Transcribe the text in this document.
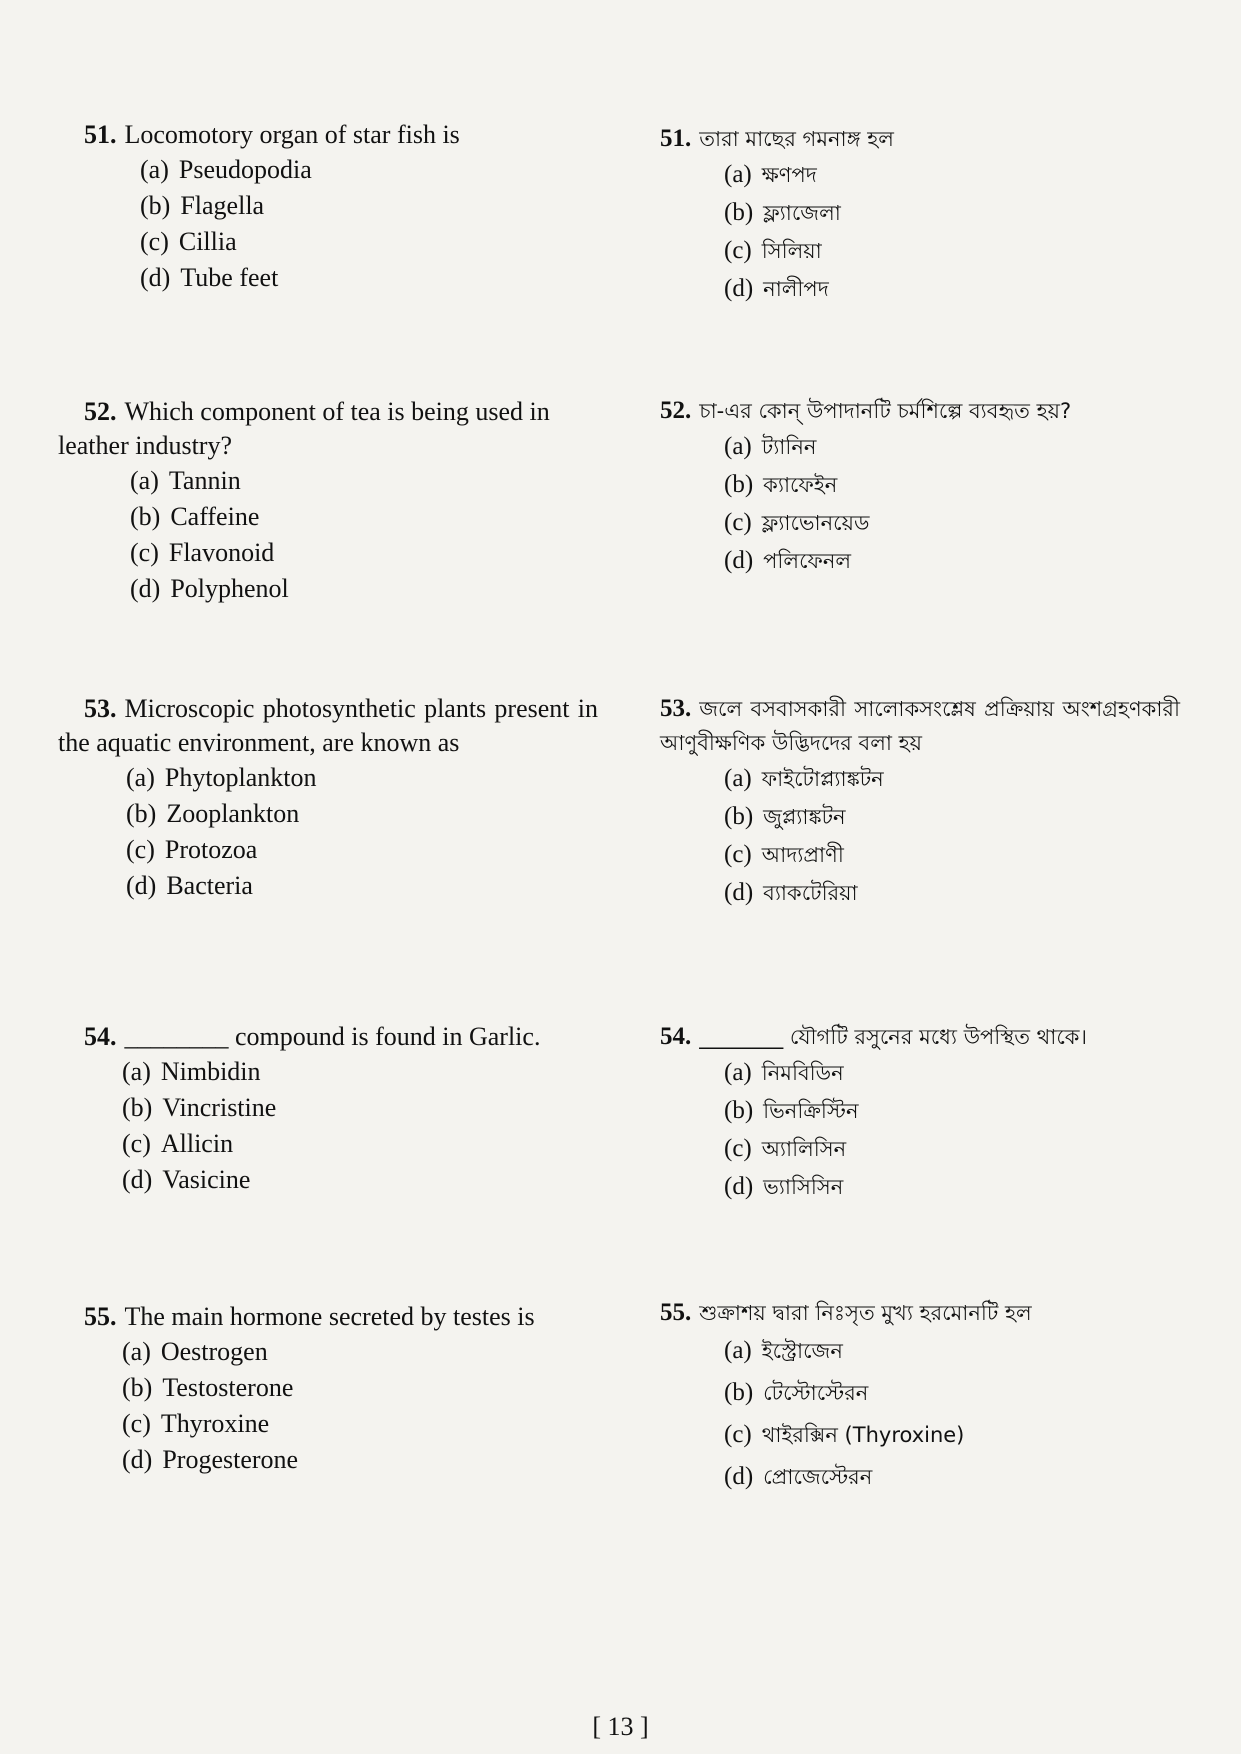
51. Locomotory organ of star fish is
(a) Pseudopodia
(b) Flagella
(c) Cillia
(d) Tube feet
52. Which component of tea is being used in leather industry?
(a) Tannin
(b) Caffeine
(c) Flavonoid
(d) Polyphenol
53. Microscopic photosynthetic plants present in the aquatic environment, are known as
(a) Phytoplankton
(b) Zooplankton
(c) Protozoa
(d) Bacteria
54. ________ compound is found in Garlic.
(a) Nimbidin
(b) Vincristine
(c) Allicin
(d) Vasicine
55. The main hormone secreted by testes is
(a) Oestrogen
(b) Testosterone
(c) Thyroxine
(d) Progesterone
51. তারা মাছের গমনাঙ্গ হল
(a) ক্ষণপদ
(b) ফ্ল্যাজেলা
(c) সিলিয়া
(d) নালীপদ
52. চা-এর কোন্ উপাদানটি চর্মশিল্পে ব্যবহৃত হয়?
(a) ট্যানিন
(b) ক্যাফেইন
(c) ফ্ল্যাভোনয়েড
(d) পলিফেনল
53. জলে বসবাসকারী সালোকসংশ্লেষ প্রক্রিয়ায় অংশগ্রহণকারী আণুবীক্ষণিক উদ্ভিদদের বলা হয়
(a) ফাইটোপ্ল্যাঙ্কটন
(b) জুপ্ল্যাঙ্কটন
(c) আদ্যপ্রাণী
(d) ব্যাকটেরিয়া
54. ________ যৌগটি রসুনের মধ্যে উপস্থিত থাকে।
(a) নিমবিডিন
(b) ভিনক্রিস্টিন
(c) অ্যালিসিন
(d) ভ্যাসিসিন
55. শুক্রাশয় দ্বারা নিঃসৃত মুখ্য হরমোনটি হল
(a) ইস্ট্রোজেন
(b) টেস্টোস্টেরন
(c) থাইরক্সিন (Thyroxine)
(d) প্রোজেস্টেরন
[ 13 ]
